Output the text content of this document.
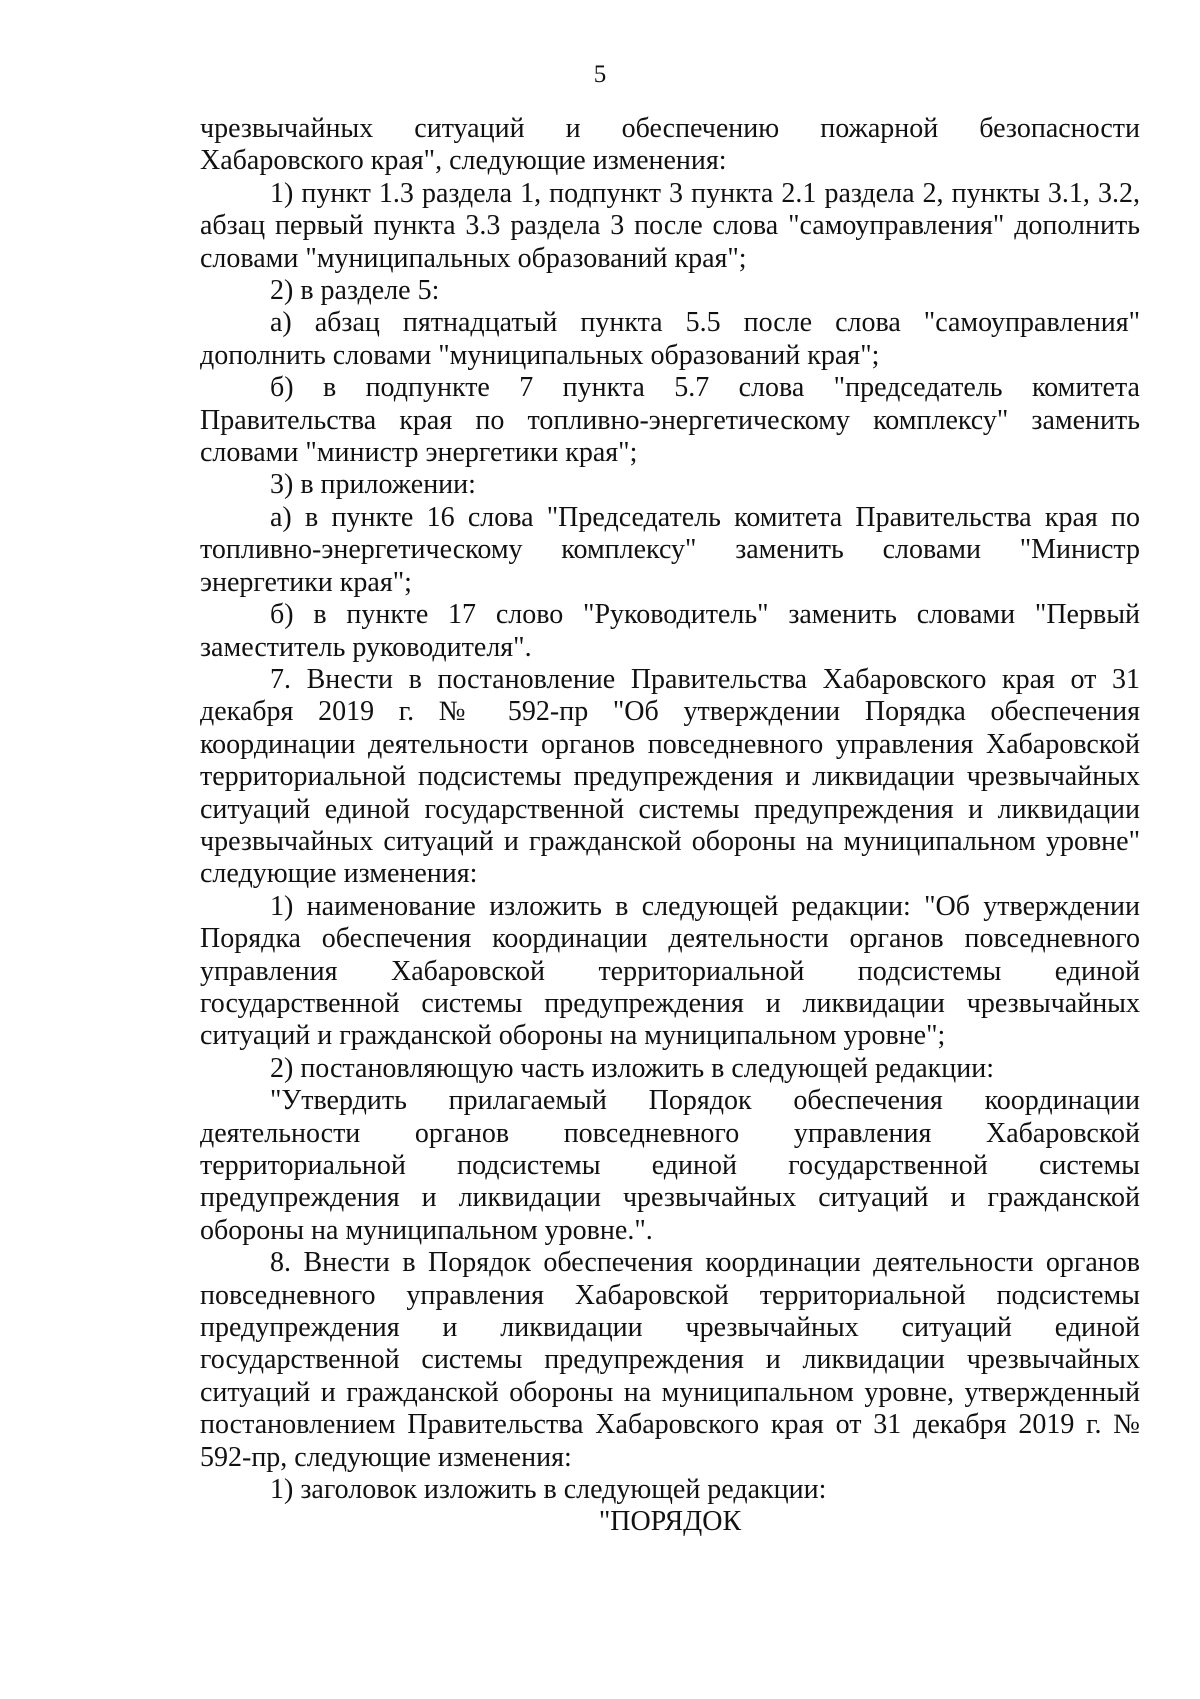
5

чрезвычайных ситуаций и обеспечению пожарной безопасности Хабаровского края", следующие изменения:

1) пункт 1.3 раздела 1, подпункт 3 пункта 2.1 раздела 2, пункты 3.1, 3.2, абзац первый пункта 3.3 раздела 3 после слова "самоуправления" дополнить словами "муниципальных образований края";

2) в разделе 5:

а) абзац пятнадцатый пункта 5.5 после слова "самоуправления" дополнить словами "муниципальных образований края";

б) в подпункте 7 пункта 5.7 слова "председатель комитета Правительства края по топливно-энергетическому комплексу" заменить словами "министр энергетики края";

3) в приложении:

а) в пункте 16 слова "Председатель комитета Правительства края по топливно-энергетическому комплексу" заменить словами "Министр энергетики края";

б) в пункте 17 слово "Руководитель" заменить словами "Первый заместитель руководителя".

7. Внести в постановление Правительства Хабаровского края от 31 декабря 2019 г. № 592-пр "Об утверждении Порядка обеспечения координации деятельности органов повседневного управления Хабаровской территориальной подсистемы предупреждения и ликвидации чрезвычайных ситуаций единой государственной системы предупреждения и ликвидации чрезвычайных ситуаций и гражданской обороны на муниципальном уровне" следующие изменения:

1) наименование изложить в следующей редакции: "Об утверждении Порядка обеспечения координации деятельности органов повседневного управления Хабаровской территориальной подсистемы единой государственной системы предупреждения и ликвидации чрезвычайных ситуаций и гражданской обороны на муниципальном уровне";

2) постановляющую часть изложить в следующей редакции:

"Утвердить прилагаемый Порядок обеспечения координации деятельности органов повседневного управления Хабаровской территориальной подсистемы единой государственной системы предупреждения и ликвидации чрезвычайных ситуаций и гражданской обороны на муниципальном уровне.".

8. Внести в Порядок обеспечения координации деятельности органов повседневного управления Хабаровской территориальной подсистемы предупреждения и ликвидации чрезвычайных ситуаций единой государственной системы предупреждения и ликвидации чрезвычайных ситуаций и гражданской обороны на муниципальном уровне, утвержденный постановлением Правительства Хабаровского края от 31 декабря 2019 г. № 592-пр, следующие изменения:

1) заголовок изложить в следующей редакции:

"ПОРЯДОК
